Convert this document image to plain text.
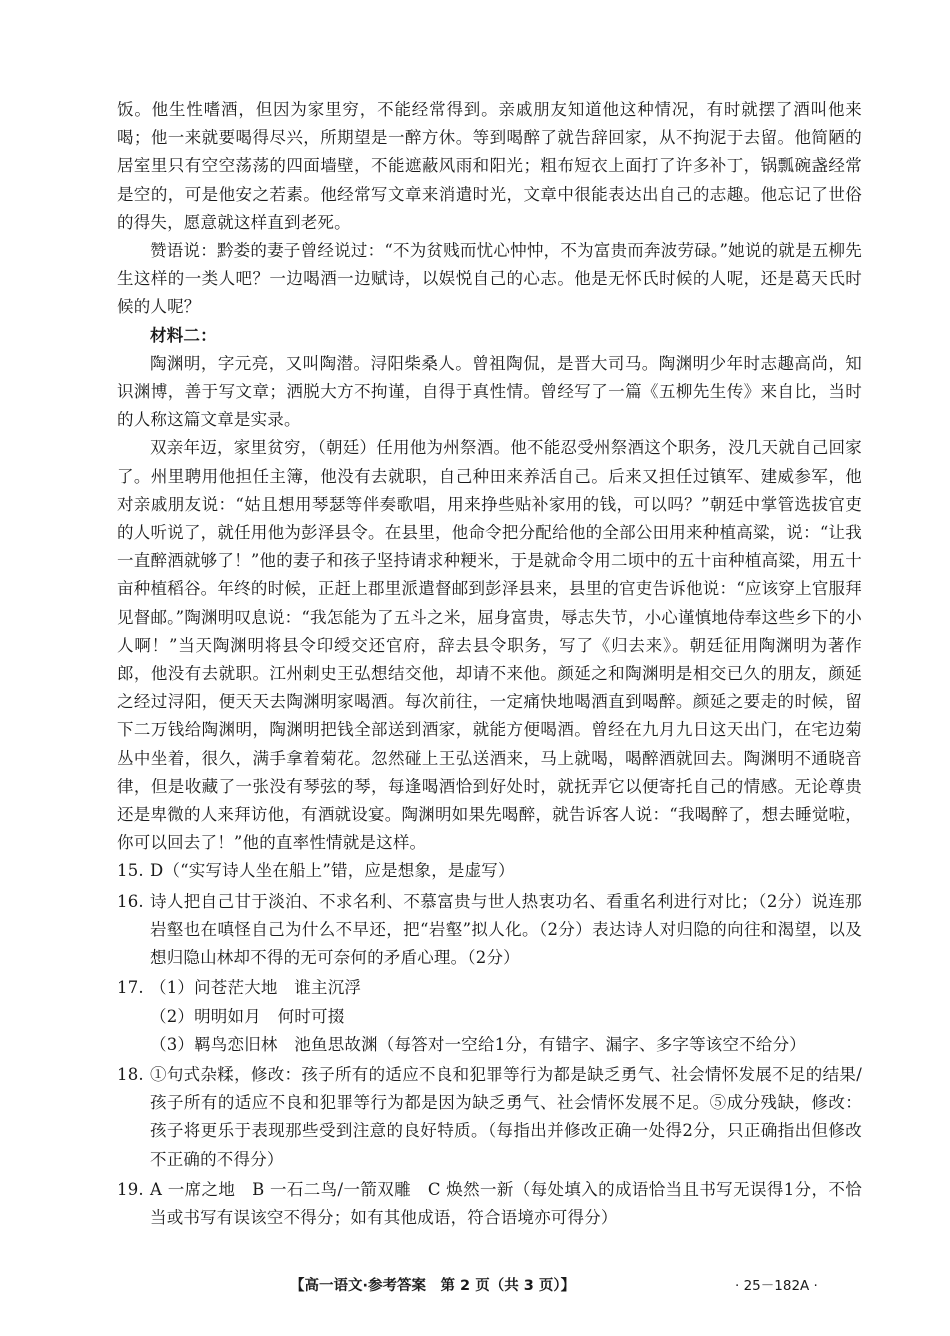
饭。他生性嗜酒，但因为家里穷，不能经常得到。亲戚朋友知道他这种情况，有时就摆了酒叫他来喝；他一来就要喝得尽兴，所期望是一醉方休。等到喝醉了就告辞回家，从不拘泥于去留。他简陋的居室里只有空空荡荡的四面墙壁，不能遮蔽风雨和阳光；粗布短衣上面打了许多补丁，锅瓢碗盏经常是空的，可是他安之若素。他经常写文章来消遣时光，文章中很能表达出自己的志趣。他忘记了世俗的得失，愿意就这样直到老死。

赞语说：黔娄的妻子曾经说过：“不为贫贱而忧心忡忡，不为富贵而奔波劳碌。”她说的就是五柳先生这样的一类人吧？一边喝酒一边赋诗，以娱悦自己的心志。他是无怀氏时候的人呢，还是葛天氏时候的人呢？

材料二：

陶渊明，字元亮，又叫陶潜。浔阳柴桑人。曾祖陶侃，是晋大司马。陶渊明少年时志趣高尚，知识渊博，善于写文章；洒脱大方不拘谨，自得于真性情。曾经写了一篇《五柳先生传》来自比，当时的人称这篇文章是实录。

双亲年迈，家里贫穷，（朝廷）任用他为州祭酒。他不能忍受州祭酒这个职务，没几天就自己回家了。州里聘用他担任主簿，他没有去就职，自己种田来养活自己。后来又担任过镇军、建威参军，他对亲戚朋友说：“姑且想用琴瑟等伴奏歌唱，用来挣些贴补家用的钱，可以吗？”朝廷中掌管选拔官吏的人听说了，就任用他为彭泽县令。在县里，他命令把分配给他的全部公田用来种植高粱，说：“让我一直醉酒就够了！”他的妻子和孩子坚持请求种粳米，于是就命令用二顷中的五十亩种植高粱，用五十亩种植稻谷。年终的时候，正赶上郡里派遣督邮到彭泽县来，县里的官吏告诉他说：“应该穿上官服拜见督邮。”陶渊明叹息说：“我怎能为了五斗之米，屈身富贵，辱志失节，小心谨慎地侍奉这些乡下的小人啊！”当天陶渊明将县令印绶交还官府，辞去县令职务，写了《归去来》。朝廷征用陶渊明为著作郎，他没有去就职。江州刺史王弘想结交他，却请不来他。颜延之和陶渊明是相交已久的朋友，颜延之经过浔阳，便天天去陶渊明家喝酒。每次前往，一定痛快地喝酒直到喝醉。颜延之要走的时候，留下二万钱给陶渊明，陶渊明把钱全部送到酒家，就能方便喝酒。曾经在九月九日这天出门，在宅边菊丛中坐着，很久，满手拿着菊花。忽然碰上王弘送酒来，马上就喝，喝醉酒就回去。陶渊明不通晓音律，但是收藏了一张没有琴弦的琴，每逢喝酒恰到好处时，就抚弄它以便寄托自己的情感。无论尊贵还是卑微的人来拜访他，有酒就设宴。陶渊明如果先喝醉，就告诉客人说：“我喝醉了，想去睡觉啦，你可以回去了！”他的直率性情就是这样。

15. D（“实写诗人坐在船上”错，应是想象，是虚写）
16. 诗人把自己甘于淡泊、不求名利、不慕富贵与世人热衷功名、看重名利进行对比；（2分）说连那岩壑也在嗔怪自己为什么不早还，把“岩壑”拟人化。（2分）表达诗人对归隐的向往和渴望，以及想归隐山林却不得的无可奈何的矛盾心理。（2分）
17. （1）问苍茫大地　谁主沉浮
（2）明明如月　何时可掇
（3）羁鸟恋旧林　池鱼思故渊（每答对一空给1分，有错字、漏字、多字等该空不给分）
18. ①句式杂糅，修改：孩子所有的适应不良和犯罪等行为都是缺乏勇气、社会情怀发展不足的结果/孩子所有的适应不良和犯罪等行为都是因为缺乏勇气、社会情怀发展不足。⑤成分残缺，修改：孩子将更乐于表现那些受到注意的良好特质。（每指出并修改正确一处得2分，只正确指出但修改不正确的不得分）
19. A 一席之地　B 一石二鸟/一箭双雕　C 焕然一新（每处填入的成语恰当且书写无误得1分，不恰当或书写有误该空不得分；如有其他成语，符合语境亦可得分）
【高一语文·参考答案　第 2 页（共 3 页）】	· 25－182A ·
